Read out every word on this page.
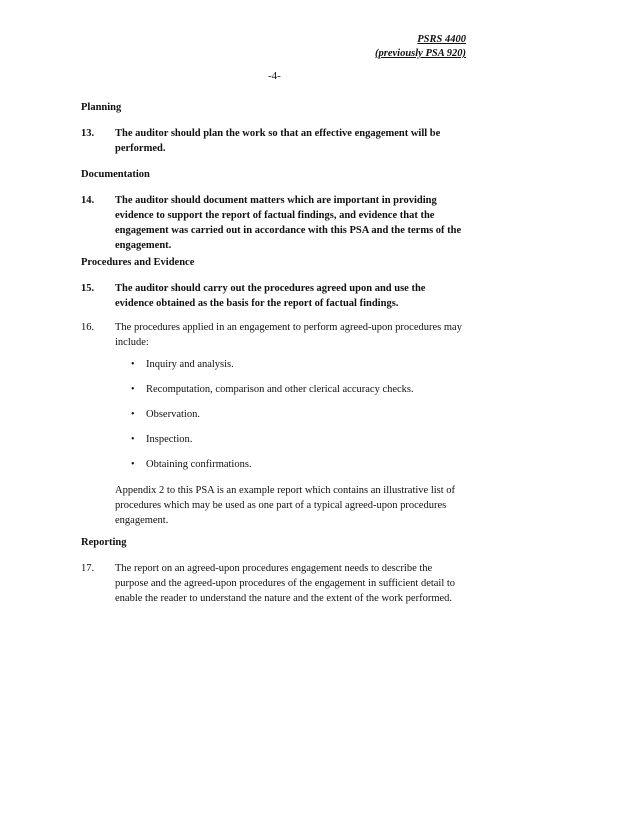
PSRS 4400
(previously PSA 920)
-4-
Planning
13. The auditor should plan the work so that an effective engagement will be
performed.
Documentation
14. The auditor should document matters which are important in providing
evidence to support the report of factual findings, and evidence that the
engagement was carried out in accordance with this PSA and the terms of the
engagement.
Procedures and Evidence
15. The auditor should carry out the procedures agreed upon and use the
evidence obtained as the basis for the report of factual findings.
16. The procedures applied in an engagement to perform agreed-upon procedures may
include:
• Inquiry and analysis.
• Recomputation, comparison and other clerical accuracy checks.
• Observation.
• Inspection.
• Obtaining confirmations.
Appendix 2 to this PSA is an example report which contains an illustrative list of
procedures which may be used as one part of a typical agreed-upon procedures
engagement.
Reporting
17. The report on an agreed-upon procedures engagement needs to describe the
purpose and the agreed-upon procedures of the engagement in sufficient detail to
enable the reader to understand the nature and the extent of the work performed.
